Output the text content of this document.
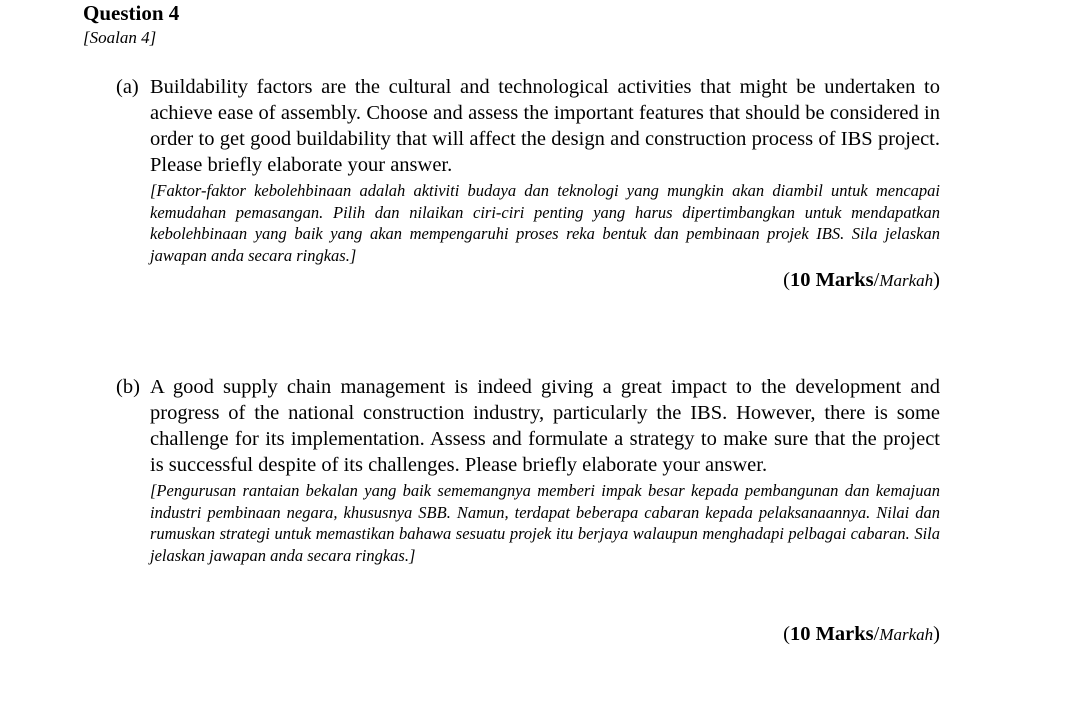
Question 4
[Soalan 4]
(a) Buildability factors are the cultural and technological activities that might be undertaken to achieve ease of assembly. Choose and assess the important features that should be considered in order to get good buildability that will affect the design and construction process of IBS project. Please briefly elaborate your answer.

[Faktor-faktor kebolehbinaan adalah aktiviti budaya dan teknologi yang mungkin akan diambil untuk mencapai kemudahan pemasangan. Pilih dan nilaikan ciri-ciri penting yang harus dipertimbangkan untuk mendapatkan kebolehbinaan yang baik yang akan mempengaruhi proses reka bentuk dan pembinaan projek IBS. Sila jelaskan jawapan anda secara ringkas.]

(10 Marks/Markah)
(b) A good supply chain management is indeed giving a great impact to the development and progress of the national construction industry, particularly the IBS. However, there is some challenge for its implementation. Assess and formulate a strategy to make sure that the project is successful despite of its challenges. Please briefly elaborate your answer.

[Pengurusan rantaian bekalan yang baik sememangnya memberi impak besar kepada pembangunan dan kemajuan industri pembinaan negara, khususnya SBB. Namun, terdapat beberapa cabaran kepada pelaksanaannya. Nilai dan rumuskan strategi untuk memastikan bahawa sesuatu projek itu berjaya walaupun menghadapi pelbagai cabaran. Sila jelaskan jawapan anda secara ringkas.]

(10 Marks/Markah)
